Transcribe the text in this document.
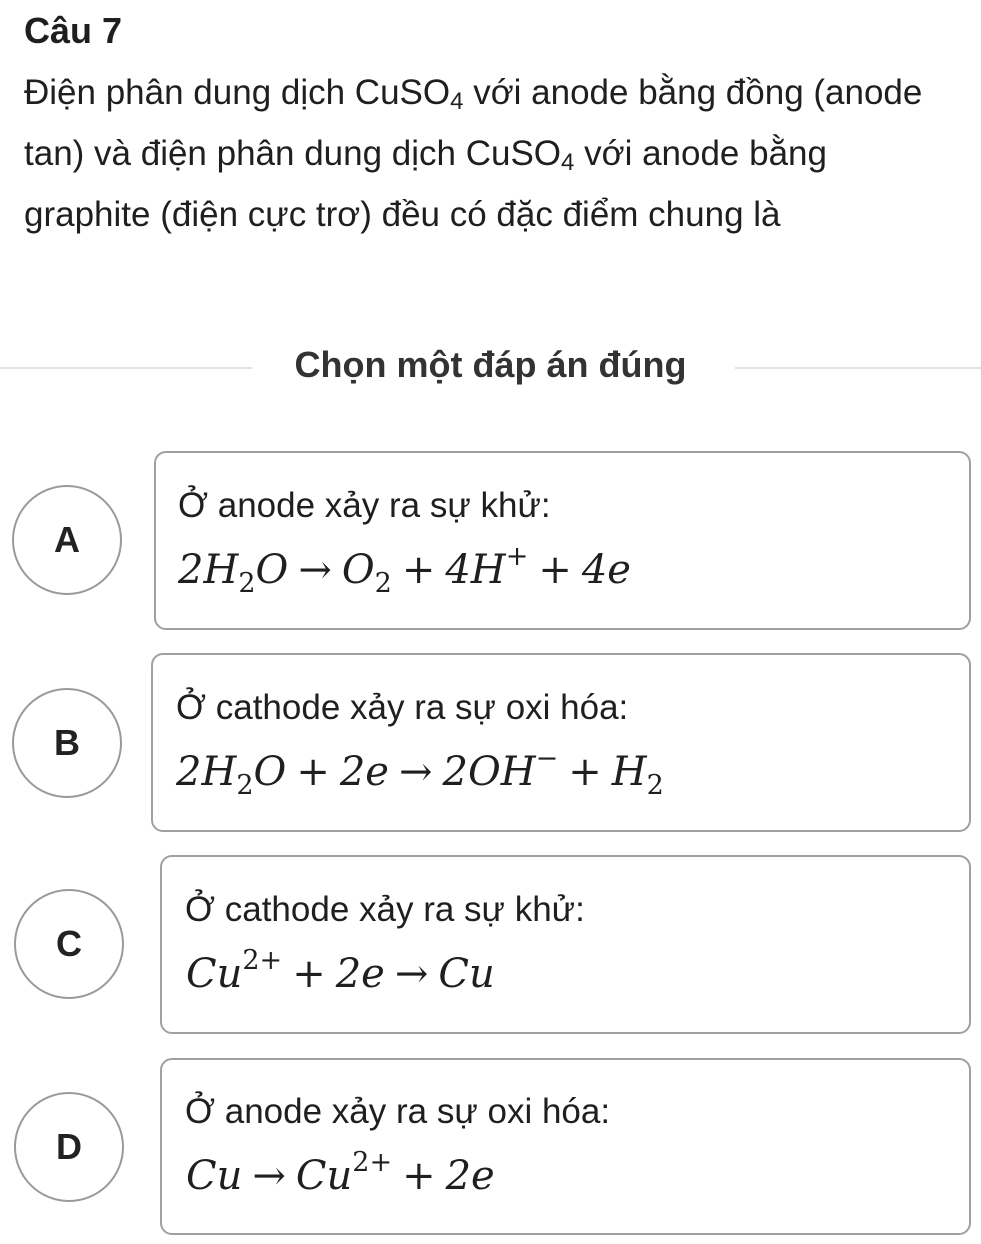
Câu 7
Điện phân dung dịch CuSO$_4$ với anode bằng đồng (anode tan) và điện phân dung dịch CuSO$_4$ với anode bằng graphite (điện cực trơ) đều có đặc điểm chung là
Chọn một đáp án đúng
A
Ở anode xảy ra sự khử:
$2H_2O \to O_2 + 4H^+ + 4e$
B
Ở cathode xảy ra sự oxi hóa:
$2H_2O + 2e \to 2OH^- + H_2$
C
Ở cathode xảy ra sự khử:
$Cu^{2+} + 2e \to Cu$
D
Ở anode xảy ra sự oxi hóa:
$Cu \to Cu^{2+} + 2e$
